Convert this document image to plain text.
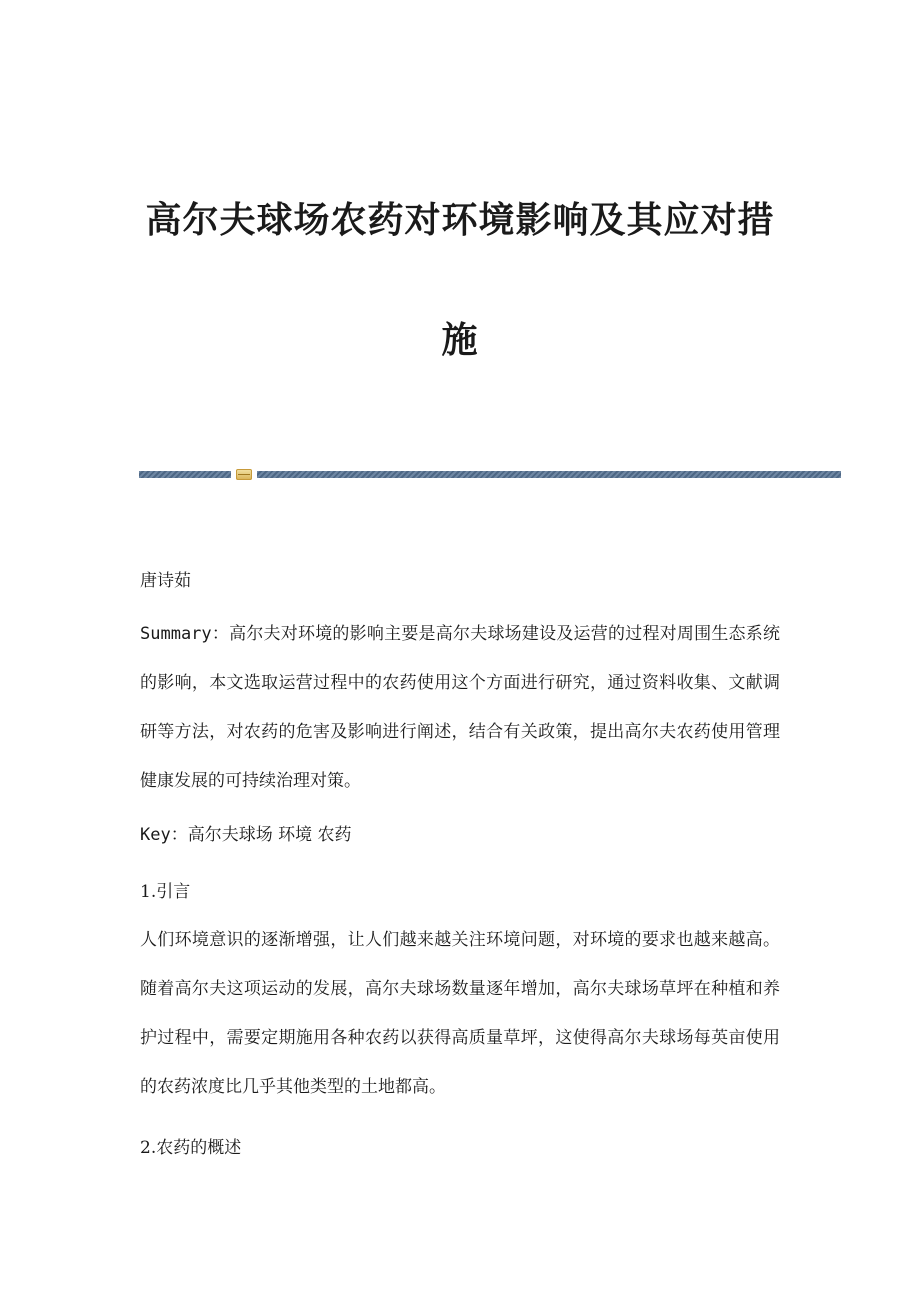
高尔夫球场农药对环境影响及其应对措
施

唐诗茹

Summary：高尔夫对环境的影响主要是高尔夫球场建设及运营的过程对周围生态系统的影响，本文选取运营过程中的农药使用这个方面进行研究，通过资料收集、文献调研等方法，对农药的危害及影响进行阐述，结合有关政策，提出高尔夫农药使用管理健康发展的可持续治理对策。

Key：高尔夫球场 环境 农药

1.引言

人们环境意识的逐渐增强，让人们越来越关注环境问题，对环境的要求也越来越高。随着高尔夫这项运动的发展，高尔夫球场数量逐年增加，高尔夫球场草坪在种植和养护过程中，需要定期施用各种农药以获得高质量草坪，这使得高尔夫球场每英亩使用的农药浓度比几乎其他类型的土地都高。

2.农药的概述
